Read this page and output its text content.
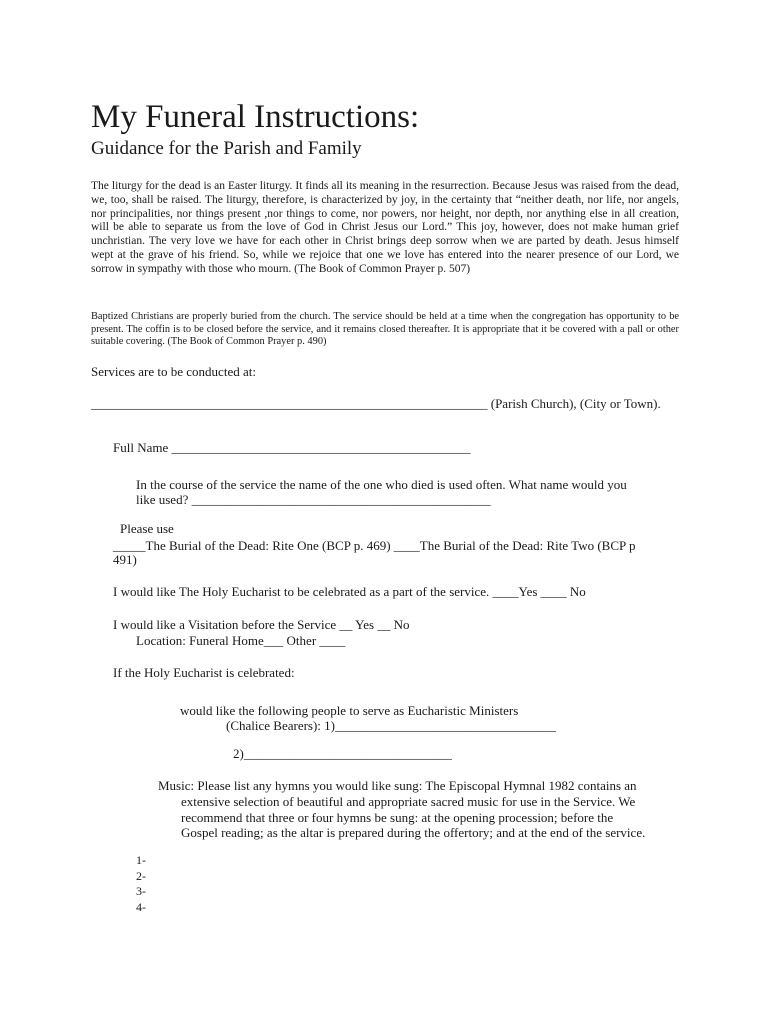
My Funeral Instructions:
Guidance for the Parish and Family
The liturgy for the dead is an Easter liturgy. It finds all its meaning in the resurrection. Because Jesus was raised from the dead, we, too, shall be raised. The liturgy, therefore, is characterized by joy, in the certainty that “neither death, nor life, nor angels, nor principalities, nor things present ,nor things to come, nor powers, nor height, nor depth, nor anything else in all creation, will be able to separate us from the love of God in Christ Jesus our Lord.” This joy, however, does not make human grief unchristian. The very love we have for each other in Christ brings deep sorrow when we are parted by death. Jesus himself wept at the grave of his friend. So, while we rejoice that one we love has entered into the nearer presence of our Lord, we sorrow in sympathy with those who mourn. (The Book of Common Prayer p. 507)
Baptized Christians are properly buried from the church. The service should be held at a time when the congregation has opportunity to be present. The coffin is to be closed before the service, and it remains closed thereafter. It is appropriate that it be covered with a pall or other suitable covering. (The Book of Common Prayer p. 490)
Services are to be conducted at:
_____________________________________________________________ (Parish Church), (City or Town).
Full Name ______________________________________________
In the course of the service the name of the one who died is used often. What name would you
like used? ______________________________________________
Please use
_____The Burial of the Dead: Rite One (BCP p. 469) ____The Burial of the Dead: Rite Two (BCP p
491)
I would like The Holy Eucharist to be celebrated as a part of the service. ____Yes ____ No
I would like a Visitation before the Service __ Yes __ No
Location: Funeral Home___ Other ____
If the Holy Eucharist is celebrated:
would like the following people to serve as Eucharistic Ministers
(Chalice Bearers): 1)__________________________________
2)________________________________
Music: Please list any hymns you would like sung: The Episcopal Hymnal 1982 contains an
extensive selection of beautiful and appropriate sacred music for use in the Service. We
recommend that three or four hymns be sung: at the opening procession; before the
Gospel reading; as the altar is prepared during the offertory; and at the end of the service.
1-
2-
3-
4-
